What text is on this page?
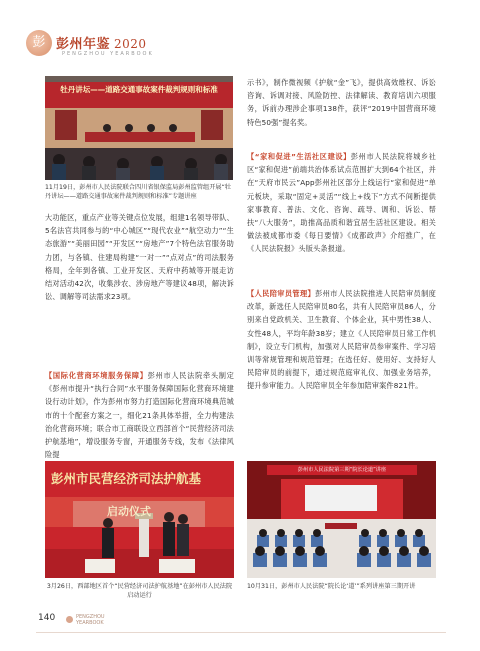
彭 彭州年鉴 2020
PENGZHOU YEARBOOK
牡丹讲坛——道路交通事故案件裁判规则和标准
11月19日，彭州市人民法院联合四川省银保监局彭州监管组开展“牡丹讲坛——道路交通事故案件裁判规则和标准”专题讲座
大功能区，重点产业等关键点位发展，组建1名领导带队、5名法官共同参与的“中心城区”“现代农业”“航空动力”“生态旅游”“美丽田园”“开发区”“房地产”7个特色法官服务助力团，与各镇、住建局构建“一对一”“点对点”的司法服务格局，全年到各镇、工业开发区、天府中药城等开展走访结对活动42次，收集涉农、涉房地产等建议48项，解决诉讼、调解等司法需求23项。
【国际化营商环境服务保障】彭州市人民法院牵头制定《彭州市提升“执行合同”水平服务保障国际化营商环境建设行动计划》，作为彭州市努力打造国际化营商环境典范城市的十个配套方案之一，细化21条具体举措，全力构建法治化营商环境；联合市工商联设立西部首个“民营经济司法护航基地”，增设服务专窗，开通服务专线，发布《法律风险提
示书》，制作微视频《护航“金”飞》，提供高效维权、诉讼咨询、诉调对接、风险防控、法律解读、教育培训六项服务，诉前办理涉企事项138件，获评“2019中国营商环境特色50强”提名奖。
【“家和促进”生活社区建设】彭州市人民法院将城乡社区“家和促进”前端共治体系试点范围扩大到64个社区，并在“天府市民云”App彭州社区部分上线运行“家和促进”单元板块，采取“固定+灵活”“线上+线下”方式不间断提供家事教育、普法、文化、咨询、疏导、调和、诉讼、帮扶“八大服务”，助推高品质和谐宜居生活社区建设。相关做法被成都市委《每日要情》《成都政声》介绍推广，在《人民法院报》头版头条报道。
【人民陪审员管理】彭州市人民法院推进人民陪审员制度改革，新选任人民陪审员80名，共有人民陪审员86人，分别来自党政机关、卫生教育、个体企业，其中男性38人、女性48人，平均年龄38岁；建立《人民陪审员日常工作机制》，设立专门机构，加强对人民陪审员参审案件、学习培训等常规管理和规范管理；在选任好、使用好、支持好人民陪审员的前提下，通过规范庭审礼仪、加强业务培养，提升参审能力。人民陪审员全年参加陪审案件821件。
彭州市民营经济司法护航基
启动仪式
3月26日，西部地区首个“民营经济司法护航基地”在彭州市人民法院启动运行
彭州市人民法院第三期“院长论道”讲座
10月31日，彭州市人民法院“院长论‘道’”系列讲座第三期开讲
140	PENGZHOU
YEARBOOK
